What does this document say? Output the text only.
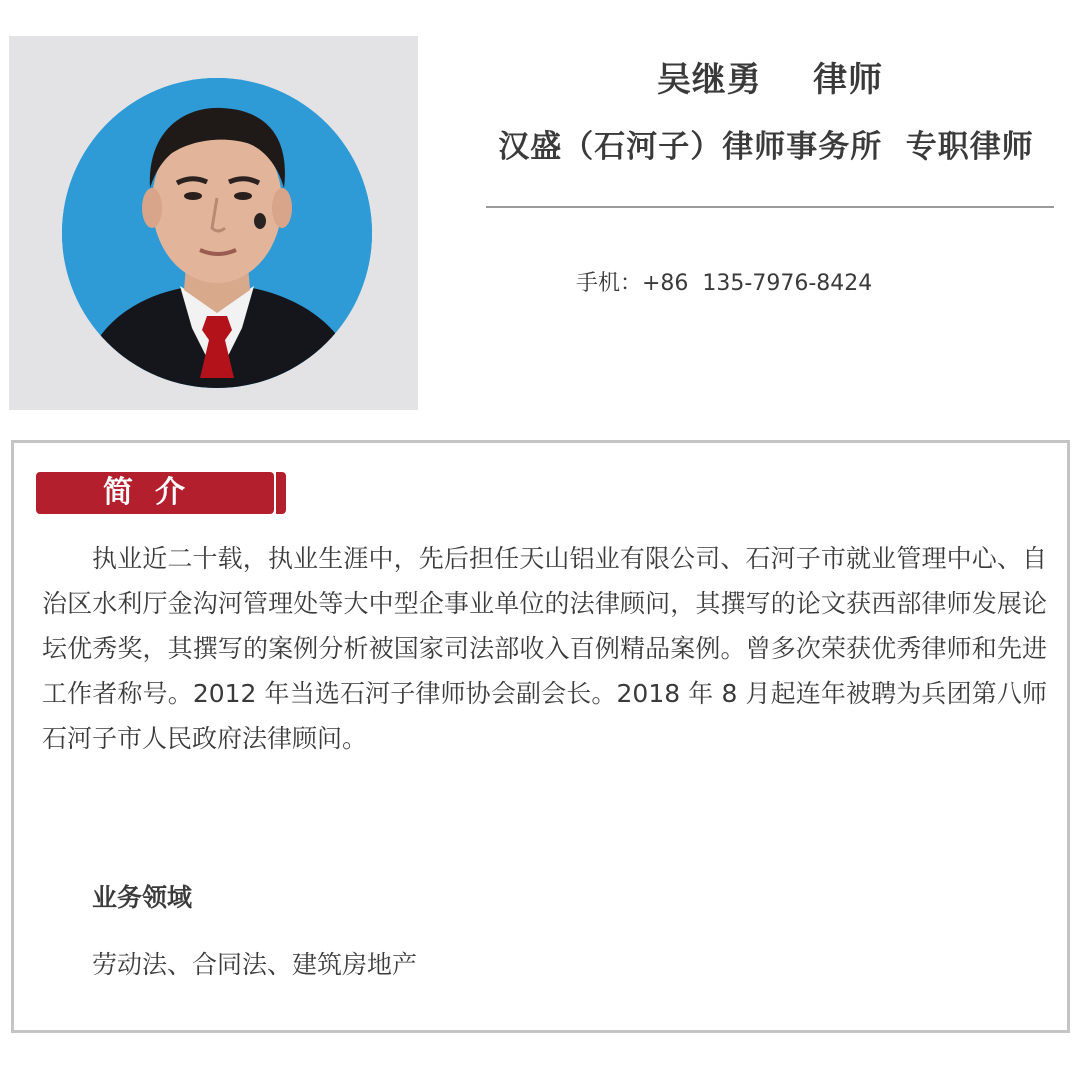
吴继勇    律师
汉盛（石河子）律师事务所  专职律师
手机：+86  135-7976-8424
简介

执业近二十载，执业生涯中，先后担任天山铝业有限公司、石河子市就业管理中心、自治区水利厅金沟河管理处等大中型企事业单位的法律顾问，其撰写的论文获西部律师发展论坛优秀奖，其撰写的案例分析被国家司法部收入百例精品案例。曾多次荣获优秀律师和先进工作者称号。2012 年当选石河子律师协会副会长。2018 年 8 月起连年被聘为兵团第八师石河子市人民政府法律顾问。

业务领域
劳动法、合同法、建筑房地产
